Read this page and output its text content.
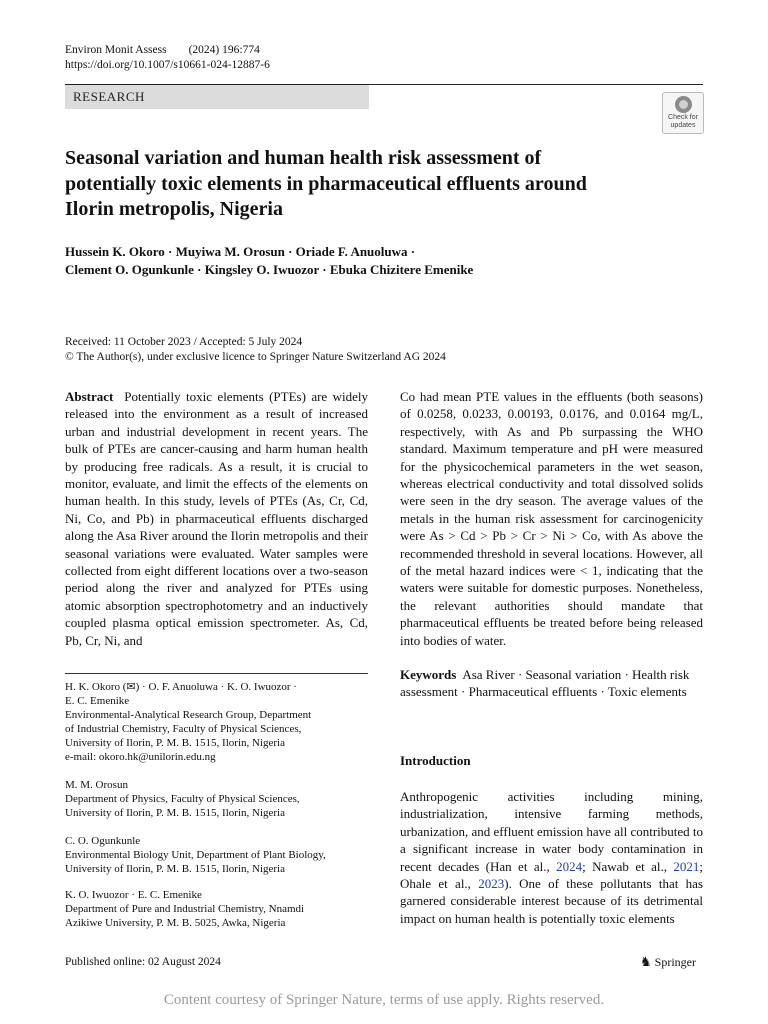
Environ Monit Assess (2024) 196:774
https://doi.org/10.1007/s10661-024-12887-6
RESEARCH
Check for
updates
Seasonal variation and human health risk assessment of potentially toxic elements in pharmaceutical effluents around Ilorin metropolis, Nigeria
Hussein K. Okoro · Muyiwa M. Orosun · Oriade F. Anuoluwa ·
Clement O. Ogunkunle · Kingsley O. Iwuozor · Ebuka Chizitere Emenike
Received: 11 October 2023 / Accepted: 5 July 2024
© The Author(s), under exclusive licence to Springer Nature Switzerland AG 2024
Abstract Potentially toxic elements (PTEs) are widely released into the environment as a result of increased urban and industrial development in recent years. The bulk of PTEs are cancer-causing and harm human health by producing free radicals. As a result, it is crucial to monitor, evaluate, and limit the effects of the elements on human health. In this study, levels of PTEs (As, Cr, Cd, Ni, Co, and Pb) in pharmaceutical effluents discharged along the Asa River around the Ilorin metropolis and their seasonal variations were evaluated. Water samples were collected from eight different locations over a two-season period along the river and analyzed for PTEs using atomic absorption spectrophotometry and an inductively coupled plasma optical emission spectrometer. As, Cd, Pb, Cr, Ni, and
Co had mean PTE values in the effluents (both seasons) of 0.0258, 0.0233, 0.00193, 0.0176, and 0.0164 mg/L, respectively, with As and Pb surpassing the WHO standard. Maximum temperature and pH were measured for the physicochemical parameters in the wet season, whereas electrical conductivity and total dissolved solids were seen in the dry season. The average values of the metals in the human risk assessment for carcinogenicity were As > Cd > Pb > Cr > Ni > Co, with As above the recommended threshold in several locations. However, all of the metal hazard indices were < 1, indicating that the waters were suitable for domestic purposes. Nonetheless, the relevant authorities should mandate that pharmaceutical effluents be treated before being released into bodies of water.
Keywords Asa River · Seasonal variation · Health risk assessment · Pharmaceutical effluents · Toxic elements
Introduction
Anthropogenic activities including mining, industrialization, intensive farming methods, urbanization, and effluent emission have all contributed to a significant increase in water body contamination in recent decades (Han et al., 2024; Nawab et al., 2021; Ohale et al., 2023). One of these pollutants that has garnered considerable interest because of its detrimental impact on human health is potentially toxic elements
H. K. Okoro (✉) · O. F. Anuoluwa · K. O. Iwuozor ·
E. C. Emenike
Environmental-Analytical Research Group, Department
of Industrial Chemistry, Faculty of Physical Sciences,
University of Ilorin, P. M. B. 1515, Ilorin, Nigeria
e-mail: okoro.hk@unilorin.edu.ng
M. M. Orosun
Department of Physics, Faculty of Physical Sciences,
University of Ilorin, P. M. B. 1515, Ilorin, Nigeria
C. O. Ogunkunle
Environmental Biology Unit, Department of Plant Biology,
University of Ilorin, P. M. B. 1515, Ilorin, Nigeria
K. O. Iwuozor · E. C. Emenike
Department of Pure and Industrial Chemistry, Nnamdi
Azikiwe University, P. M. B. 5025, Awka, Nigeria
Published online: 02 August 2024	♞ Springer
Content courtesy of Springer Nature, terms of use apply. Rights reserved.
